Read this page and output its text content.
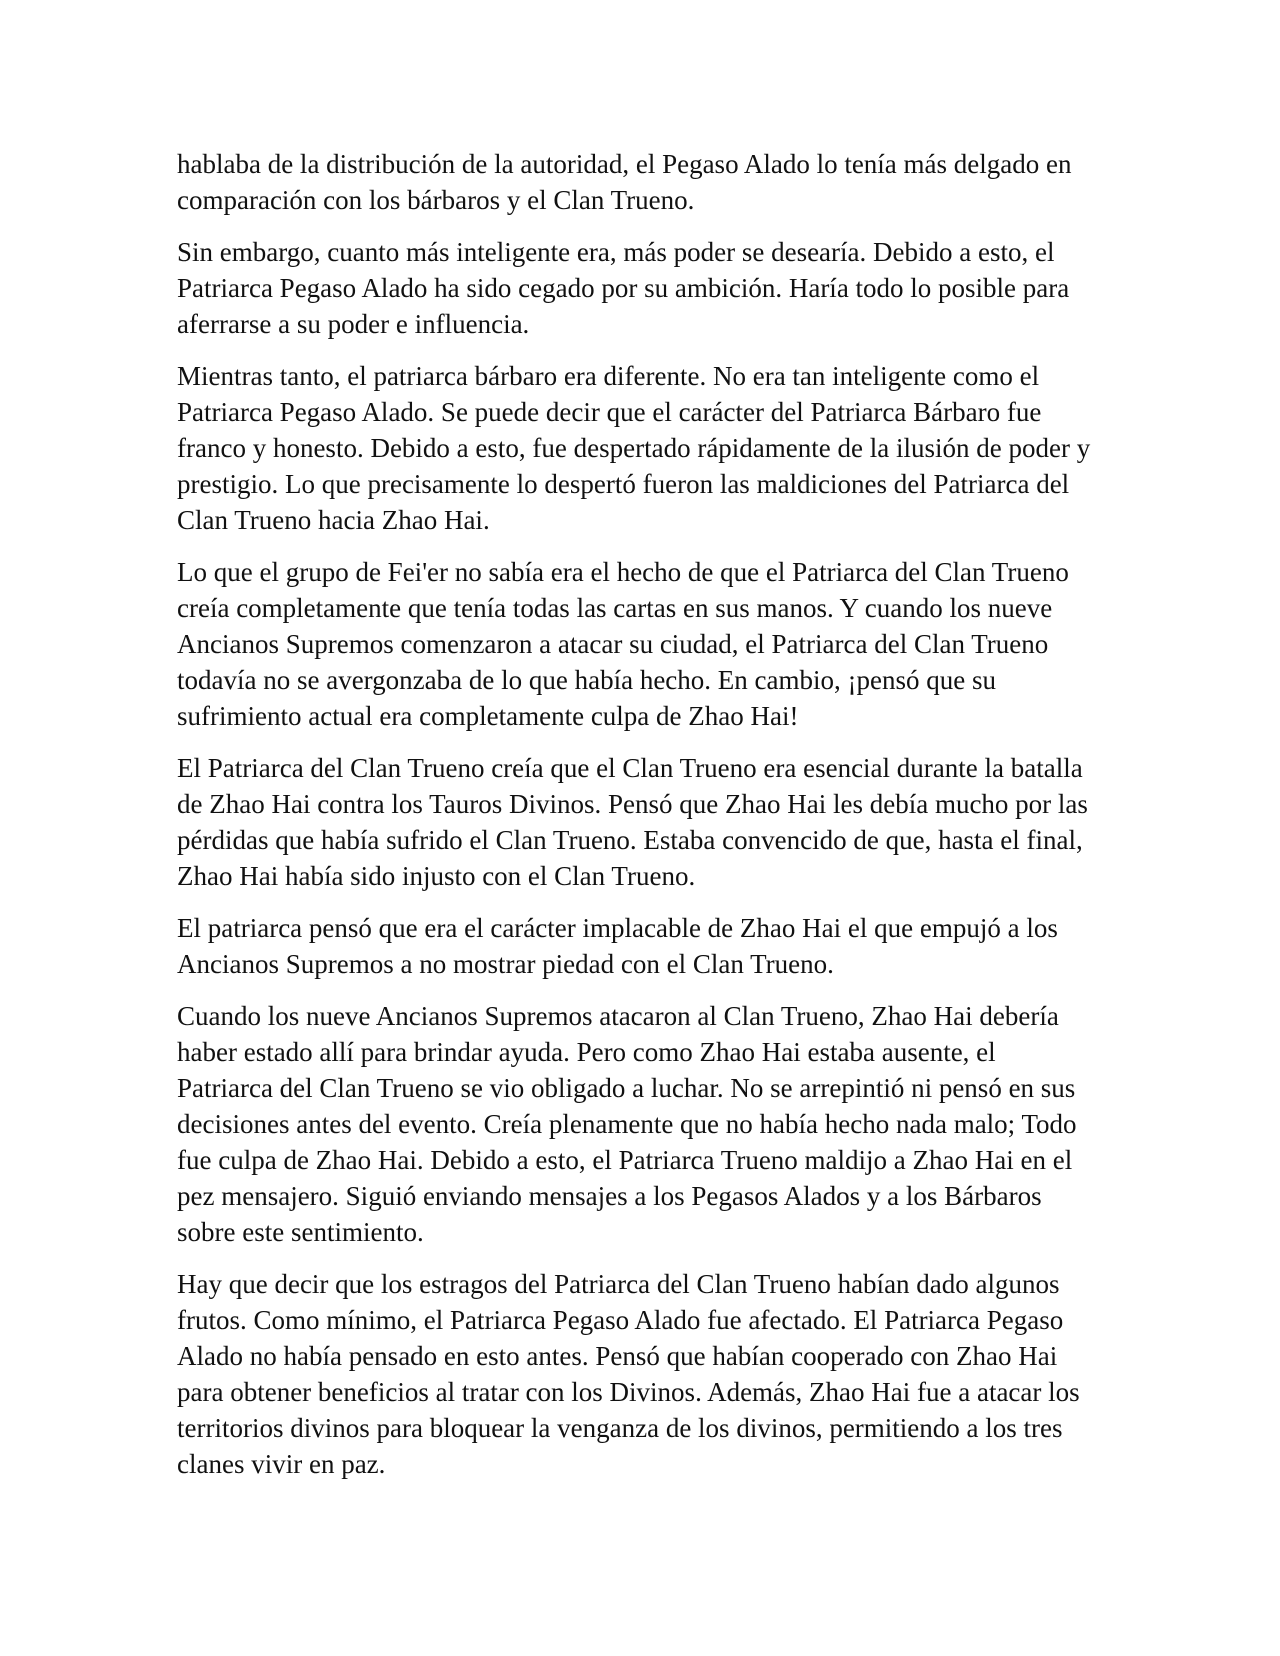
hablaba de la distribución de la autoridad, el Pegaso Alado lo tenía más delgado en comparación con los bárbaros y el Clan Trueno.

Sin embargo, cuanto más inteligente era, más poder se desearía. Debido a esto, el Patriarca Pegaso Alado ha sido cegado por su ambición. Haría todo lo posible para aferrarse a su poder e influencia.

Mientras tanto, el patriarca bárbaro era diferente. No era tan inteligente como el Patriarca Pegaso Alado. Se puede decir que el carácter del Patriarca Bárbaro fue franco y honesto. Debido a esto, fue despertado rápidamente de la ilusión de poder y prestigio. Lo que precisamente lo despertó fueron las maldiciones del Patriarca del Clan Trueno hacia Zhao Hai.

Lo que el grupo de Fei'er no sabía era el hecho de que el Patriarca del Clan Trueno creía completamente que tenía todas las cartas en sus manos. Y cuando los nueve Ancianos Supremos comenzaron a atacar su ciudad, el Patriarca del Clan Trueno todavía no se avergonzaba de lo que había hecho. En cambio, ¡pensó que su sufrimiento actual era completamente culpa de Zhao Hai!

El Patriarca del Clan Trueno creía que el Clan Trueno era esencial durante la batalla de Zhao Hai contra los Tauros Divinos. Pensó que Zhao Hai les debía mucho por las pérdidas que había sufrido el Clan Trueno. Estaba convencido de que, hasta el final, Zhao Hai había sido injusto con el Clan Trueno.

El patriarca pensó que era el carácter implacable de Zhao Hai el que empujó a los Ancianos Supremos a no mostrar piedad con el Clan Trueno.

Cuando los nueve Ancianos Supremos atacaron al Clan Trueno, Zhao Hai debería haber estado allí para brindar ayuda. Pero como Zhao Hai estaba ausente, el Patriarca del Clan Trueno se vio obligado a luchar. No se arrepintió ni pensó en sus decisiones antes del evento. Creía plenamente que no había hecho nada malo; Todo fue culpa de Zhao Hai. Debido a esto, el Patriarca Trueno maldijo a Zhao Hai en el pez mensajero. Siguió enviando mensajes a los Pegasos Alados y a los Bárbaros sobre este sentimiento.

Hay que decir que los estragos del Patriarca del Clan Trueno habían dado algunos frutos. Como mínimo, el Patriarca Pegaso Alado fue afectado. El Patriarca Pegaso Alado no había pensado en esto antes. Pensó que habían cooperado con Zhao Hai para obtener beneficios al tratar con los Divinos. Además, Zhao Hai fue a atacar los territorios divinos para bloquear la venganza de los divinos, permitiendo a los tres clanes vivir en paz.
